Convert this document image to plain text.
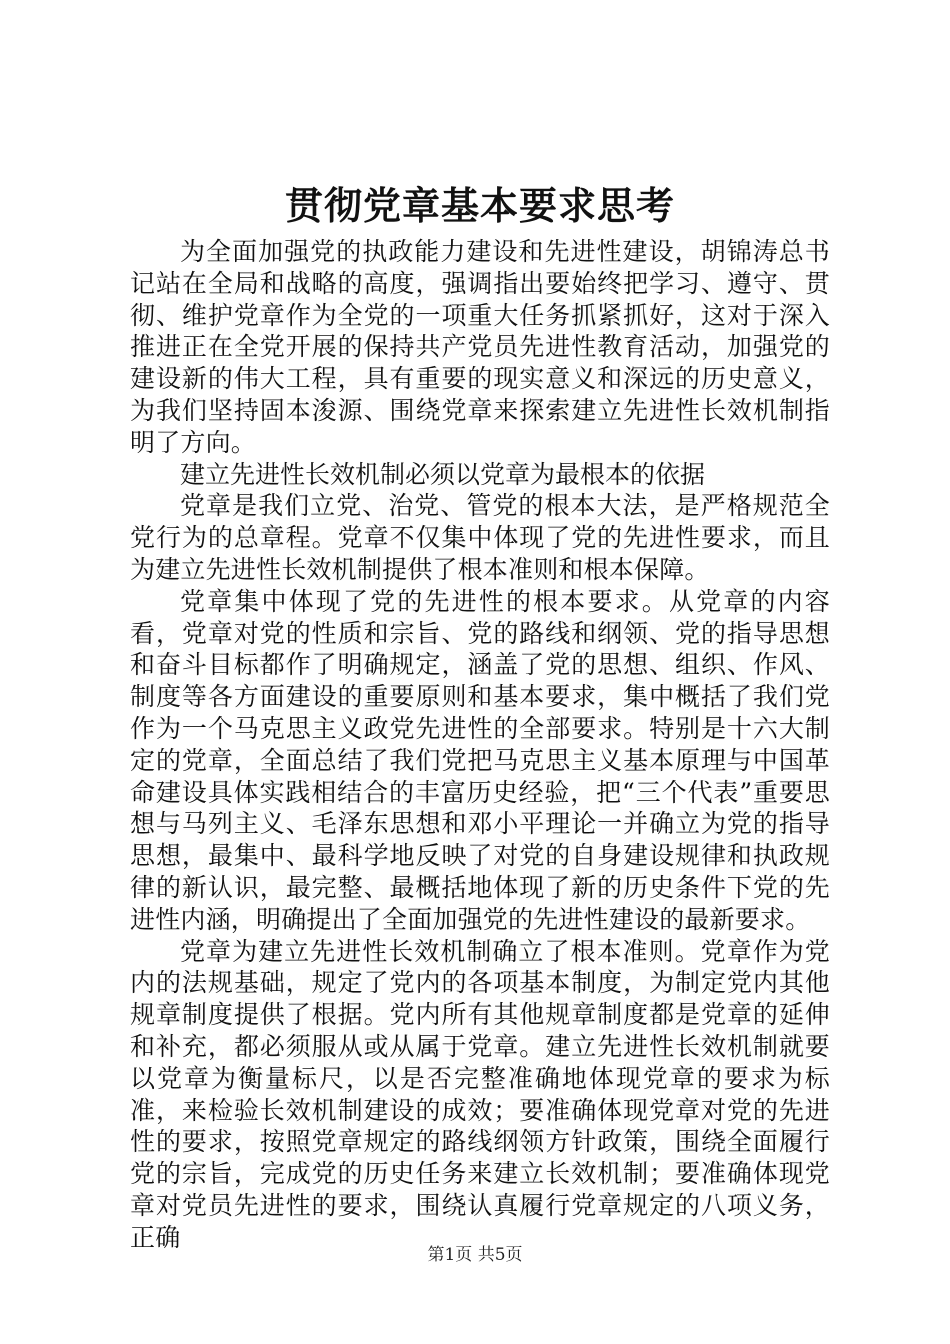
贯彻党章基本要求思考

为全面加强党的执政能力建设和先进性建设，胡锦涛总书记站在全局和战略的高度，强调指出要始终把学习、遵守、贯彻、维护党章作为全党的一项重大任务抓紧抓好，这对于深入推进正在全党开展的保持共产党员先进性教育活动，加强党的建设新的伟大工程，具有重要的现实意义和深远的历史意义，为我们坚持固本浚源、围绕党章来探索建立先进性长效机制指明了方向。

建立先进性长效机制必须以党章为最根本的依据

党章是我们立党、治党、管党的根本大法，是严格规范全党行为的总章程。党章不仅集中体现了党的先进性要求，而且为建立先进性长效机制提供了根本准则和根本保障。

党章集中体现了党的先进性的根本要求。从党章的内容看，党章对党的性质和宗旨、党的路线和纲领、党的指导思想和奋斗目标都作了明确规定，涵盖了党的思想、组织、作风、制度等各方面建设的重要原则和基本要求，集中概括了我们党作为一个马克思主义政党先进性的全部要求。特别是十六大制定的党章，全面总结了我们党把马克思主义基本原理与中国革命建设具体实践相结合的丰富历史经验，把“三个代表”重要思想与马列主义、毛泽东思想和邓小平理论一并确立为党的指导思想，最集中、最科学地反映了对党的自身建设规律和执政规律的新认识，最完整、最概括地体现了新的历史条件下党的先进性内涵，明确提出了全面加强党的先进性建设的最新要求。

党章为建立先进性长效机制确立了根本准则。党章作为党内的法规基础，规定了党内的各项基本制度，为制定党内其他规章制度提供了根据。党内所有其他规章制度都是党章的延伸和补充，都必须服从或从属于党章。建立先进性长效机制就要以党章为衡量标尺，以是否完整准确地体现党章的要求为标准，来检验长效机制建设的成效；要准确体现党章对党的先进性的要求，按照党章规定的路线纲领方针政策，围绕全面履行党的宗旨，完成党的历史任务来建立长效机制；要准确体现党章对党员先进性的要求，围绕认真履行党章规定的八项义务，正确

第1页 共5页
